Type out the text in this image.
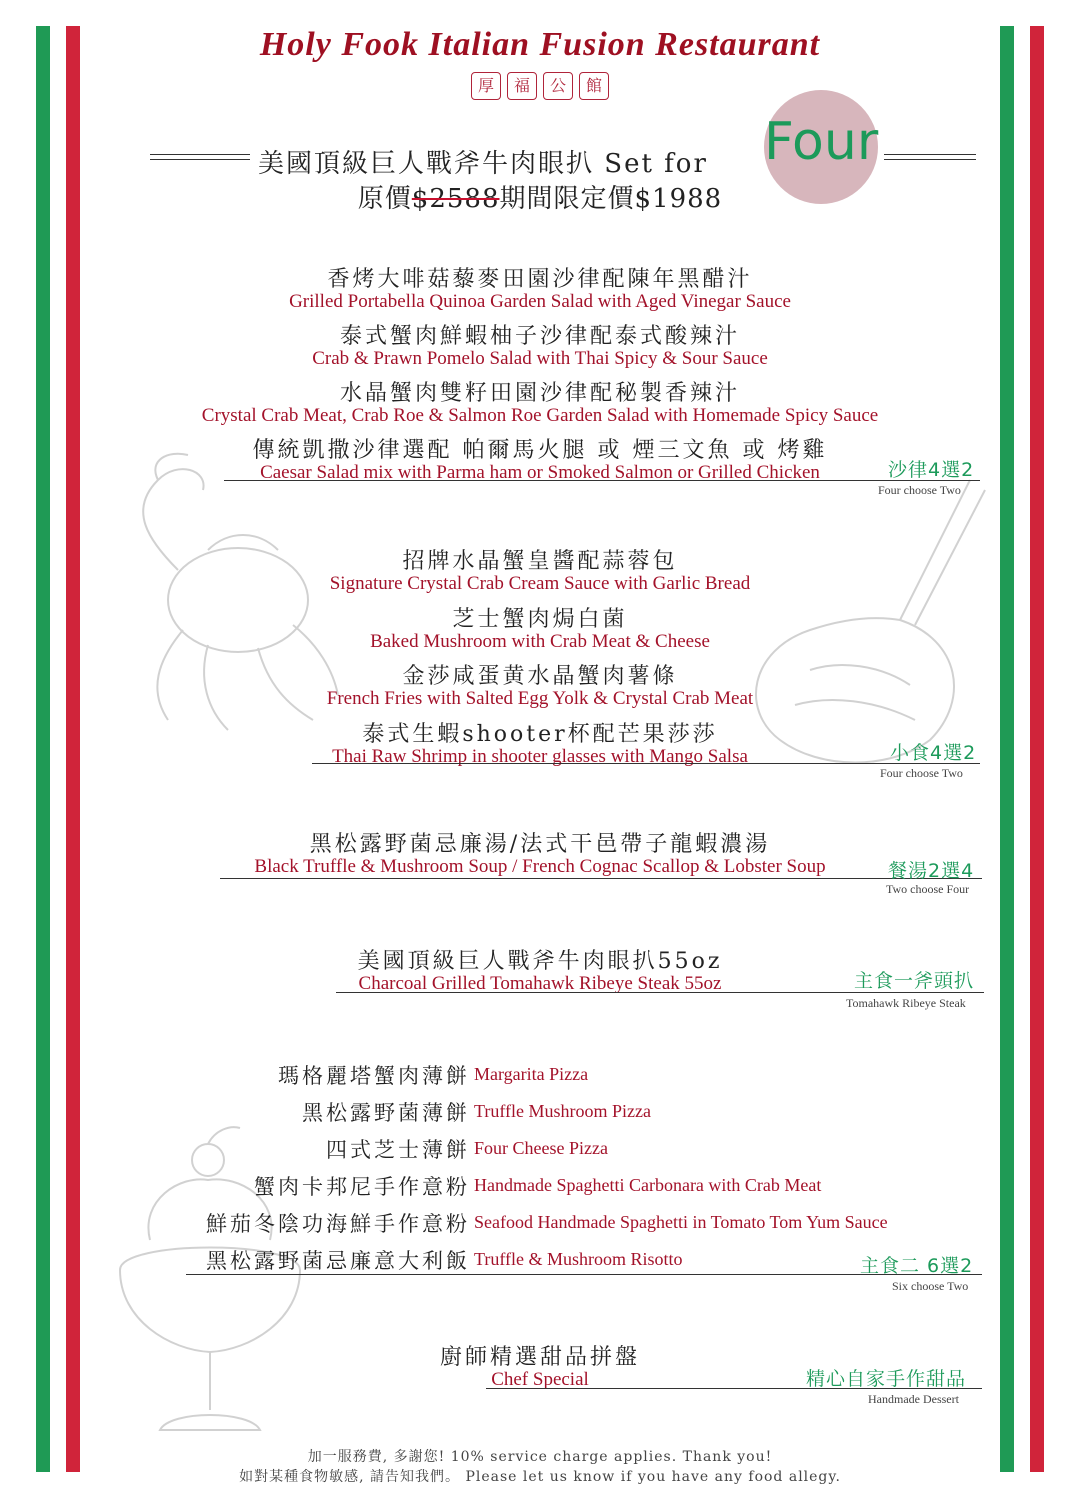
Holy Fook Italian Fusion Restaurant
厚	福	公	館
美國頂級巨人戰斧牛肉眼扒 Set for Four
原價$2588期間限定價$1988
香烤大啡菇藜麥田園沙律配陳年黑醋汁
Grilled Portabella Quinoa Garden Salad with Aged Vinegar Sauce
泰式蟹肉鮮蝦柚子沙律配泰式酸辣汁
Crab & Prawn Pomelo Salad with Thai Spicy & Sour Sauce
水晶蟹肉雙籽田園沙律配秘製香辣汁
Crystal Crab Meat, Crab Roe & Salmon Roe Garden Salad with Homemade Spicy Sauce
傳統凱撒沙律選配 帕爾馬火腿 或 煙三文魚 或 烤雞
Caesar Salad mix with Parma ham or Smoked Salmon or Grilled Chicken	沙律4選2
Four choose Two
招牌水晶蟹皇醬配蒜蓉包
Signature Crystal Crab Cream Sauce with Garlic Bread
芝士蟹肉焗白菌
Baked Mushroom with Crab Meat & Cheese
金莎咸蛋黄水晶蟹肉薯條
French Fries with Salted Egg Yolk & Crystal Crab Meat
泰式生蝦shooter杯配芒果莎莎
Thai Raw Shrimp in shooter glasses with Mango Salsa	小食4選2
Four choose Two
黑松露野菌忌廉湯/法式干邑帶子龍蝦濃湯
Black Truffle & Mushroom Soup / French Cognac Scallop & Lobster Soup	餐湯2選4
Two choose Four
美國頂級巨人戰斧牛肉眼扒55oz
Charcoal Grilled Tomahawk Ribeye Steak 55oz	主食一斧頭扒
Tomahawk Ribeye Steak
瑪格麗塔蟹肉薄餅 Margarita Pizza
黑松露野菌薄餅 Truffle Mushroom Pizza
四式芝士薄餅 Four Cheese Pizza
蟹肉卡邦尼手作意粉 Handmade Spaghetti Carbonara with Crab Meat
鮮茄冬陰功海鮮手作意粉 Seafood Handmade Spaghetti in Tomato Tom Yum Sauce
黑松露野菌忌廉意大利飯 Truffle & Mushroom Risotto	主食二 6選2
Six choose Two
廚師精選甜品拼盤
Chef Special	精心自家手作甜品
Handmade Dessert
加一服務費, 多謝您! 10% service charge applies. Thank you!
如對某種食物敏感, 請告知我們。 Please let us know if you have any food allegy.
